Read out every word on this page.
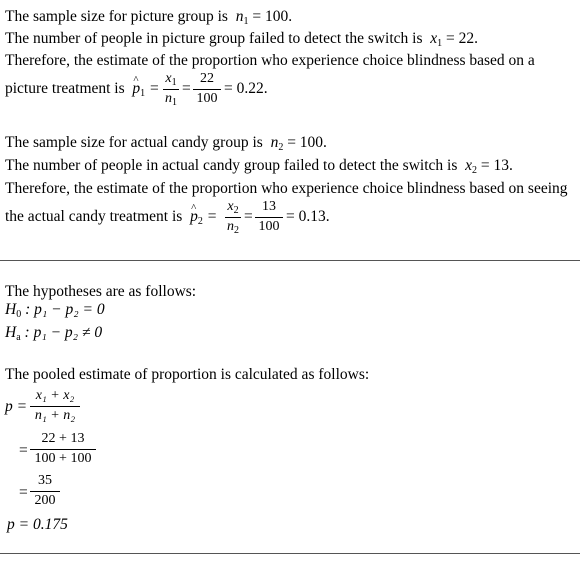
The sample size for picture group is  $n_1 = 100$.
The number of people in picture group failed to detect the switch is  $x_1 = 22$.
Therefore, the estimate of the proportion who experience choice blindness based on a
picture treatment is ^ $p_1$ =
$x_1$
$n_1$
=
22
100
= 0.22.
The sample size for actual candy group is  $n_2 = 100$.
The number of people in actual candy group failed to detect the switch is  $x_2 = 13$.
Therefore, the estimate of the proportion who experience choice blindness based on seeing
the actual candy treatment is ^ $p_2$ =
$x_2$
$n_2$
=
13
100
= 0.13.
The hypotheses are as follows:
$H_0$ : p₁ − p₂ = 0
$H_a$ : p₁ − p₂ ≠ 0
The pooled estimate of proportion is calculated as follows:
p =
x₁ + x₂
n₁ + n₂
=
22 + 13
100 + 100
=
35
200
p = 0.175
